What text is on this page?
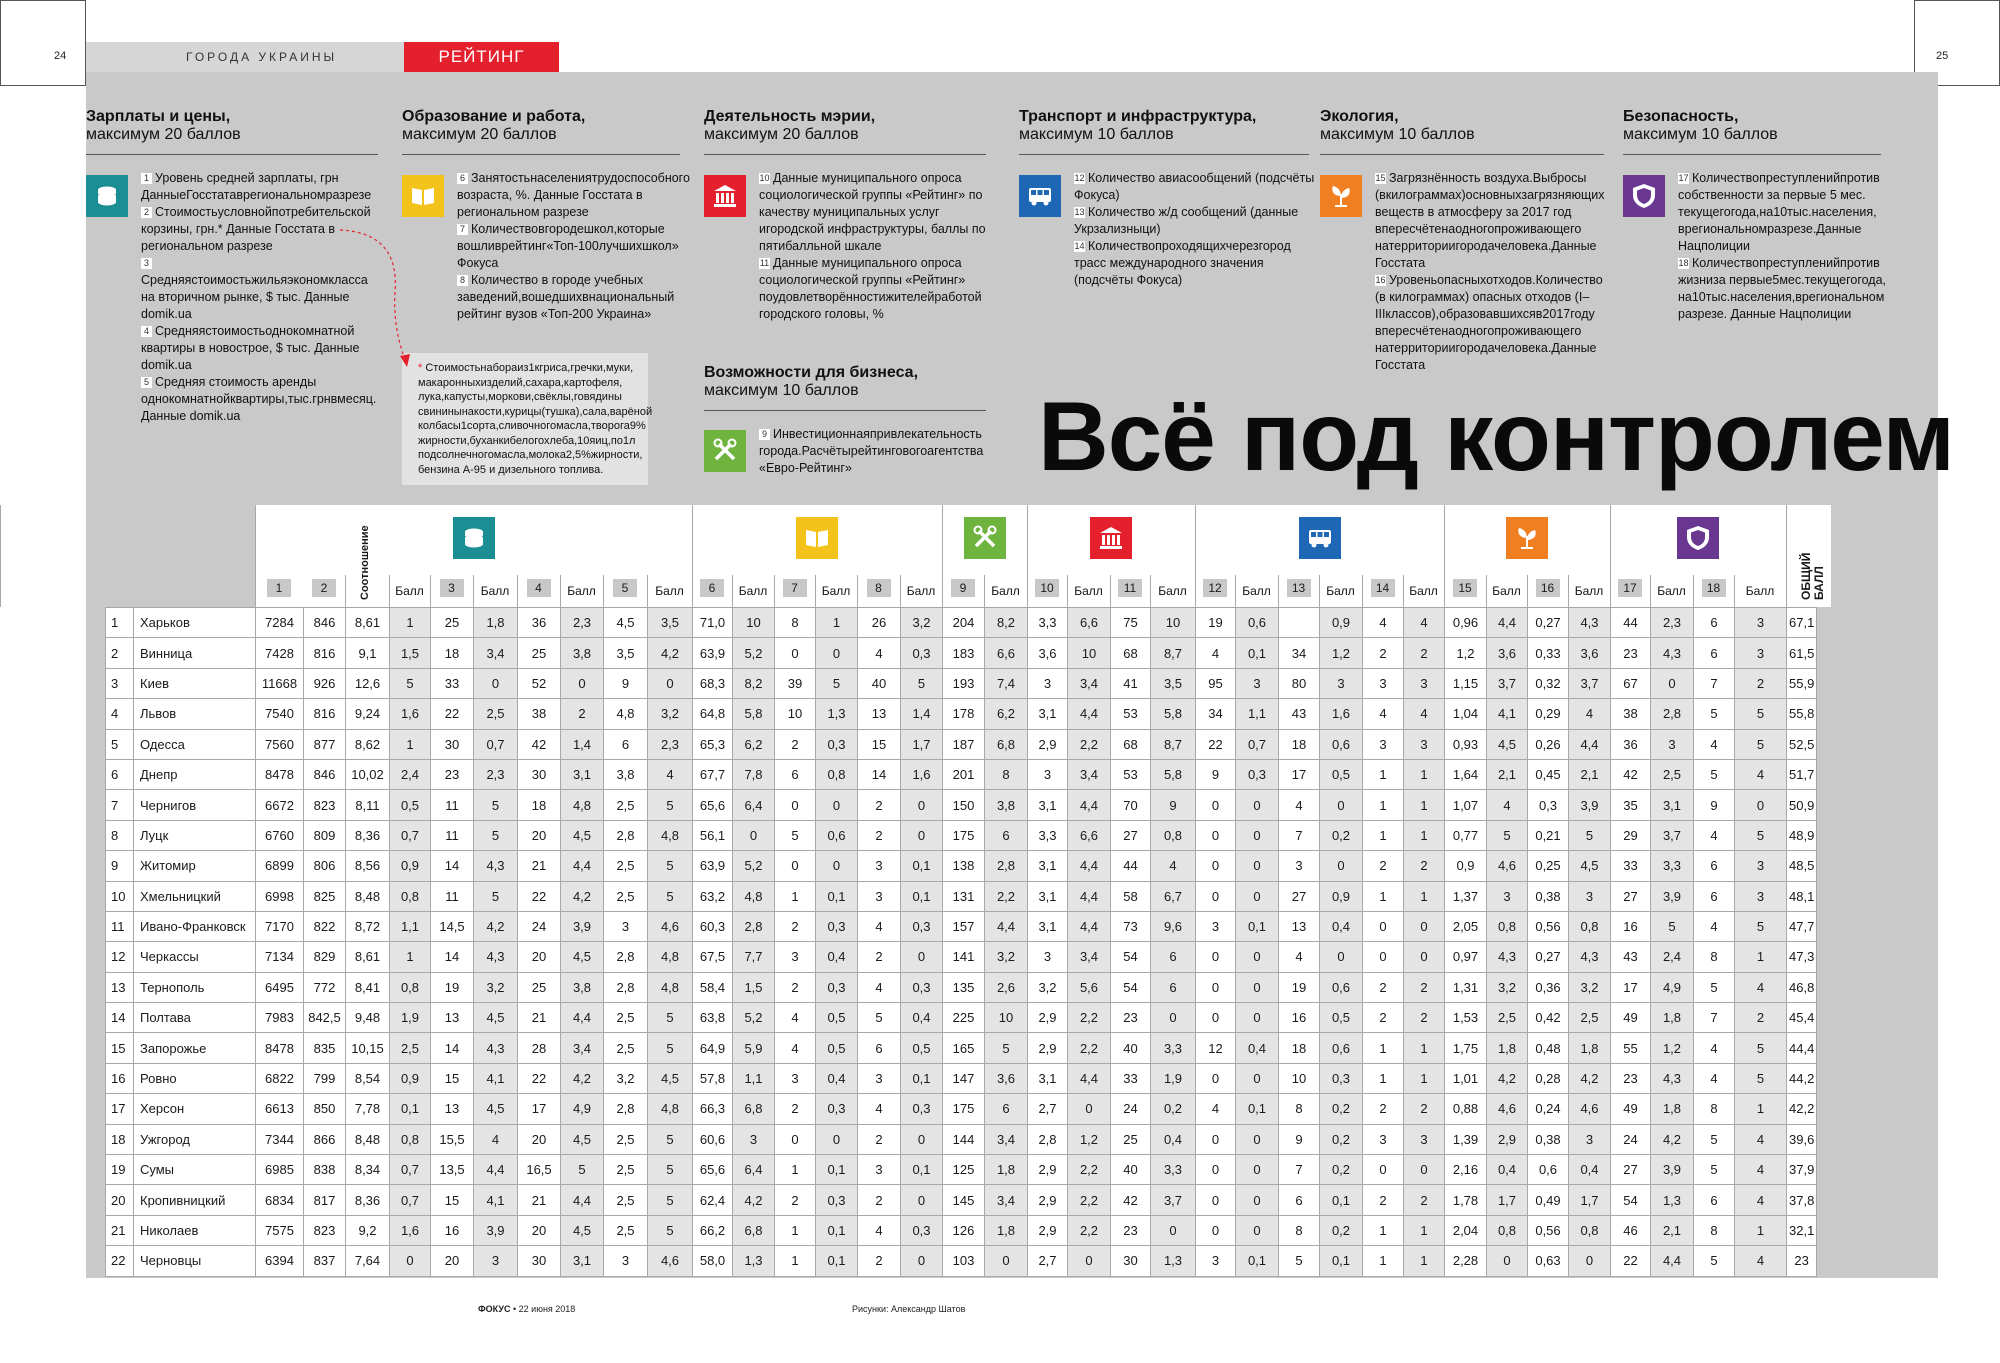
24	25
ГОРОДА УКРАИНЫ	РЕЙТИНГ
Зарплаты и цены,
максимум 20 баллов
1 Уровень средней зарплаты, грн ДанныеГосстатаврегиональномразрезе
2 Стоимостьусловнойпотребительской корзины, грн.* Данные Госстата в региональном разрезе
3Средняястоимостьжильяэкономкласса на вторичном рынке, $ тыс. Данные domik.ua
4 Средняястоимостьоднокомнатной квартиры в новострое, $ тыс. Данные domik.ua
5 Средняя стоимость аренды однокомнатнойквартиры,тыс.грнвмесяц. Данные domik.ua
Образование и работа,
максимум 20 баллов
6 Занятостьнаселениятрудоспособного возраста, %. Данные Госстата в региональном разрезе
7 Количествовгородешкол,которые вошливрейтинг«Топ-100лучшихшкол» Фокуса
8 Количество в городе учебных заведений,вошедшихвнациональный рейтинг вузов «Топ-200 Украина»
Деятельность мэрии,
максимум 20 баллов
10 Данные муниципального опроса социологической группы «Рейтинг» по качеству муниципальных услуг игородской инфраструктуры, баллы по пятибалльной шкале
11 Данные муниципального опроса социологической группы «Рейтинг» поудовлетворённостижителейработой городского головы, %
Транспорт и инфраструктура,
максимум 10 баллов
12 Количество авиасообщений (подсчёты Фокуса)
13 Количество ж/д сообщений (данные Укрзализныци)
14 Количествопроходящихчерезгород трасс международного значения (подсчёты Фокуса)
Экология,
максимум 10 баллов
15 Загрязнённость воздуха.Выбросы (вкилограммах)основныхзагрязняющих веществ в атмосферу за 2017 год впересчётенаодногопроживающего натерриториигородачеловека.Данные Госстата
16 Уровеньопасныхотходов.Количество (в килограммах) опасных отходов (I–IIIклассов),образовавшихсяв2017году впересчётенаодногопроживающего натерриториигородачеловека.Данные Госстата
Безопасность,
максимум 10 баллов
17 Количествопреступленийпротив собственности за первые 5 мес. текущегогода,на10тыс.населения, врегиональномразрезе.Данные Нацполиции
18 Количествопреступленийпротив жизниза первые5мес.текущегогода, на10тыс.населения,врегиональном разрезе. Данные Нацполиции
Возможности для бизнеса,
максимум 10 баллов
9 Инвестиционнаяпривлекательность города.Расчётырейтинговогоагентства «Евро-Рейтинг»
* Стоимостьнабораиз1кгриса,гречки,муки, макаронныхизделий,сахара,картофеля, лука,капусты,моркови,свёклы,говядины свининынакости,курицы(тушка),сала,варёной колбасы1сорта,сливочногомасла,творога9% жирности,буханкибелогохлеба,10яиц,по1л подсолнечногомасла,молока2,5%жирности, бензина А-95 и дизельного топлива.	Всё под контролем
1	2	3	4	5	6	7	8	9	10	11	12	13	14	15	16	17	18
Балл	Балл	Балл	Балл	Балл	Балл	Балл	Балл	Балл	Балл	Балл	Балл	Балл	Балл	Балл	Балл	Балл
Соотношение	ОБЩИЙ БАЛЛ
1	Харьков	7284	846	8,61	1	25	1,8	36	2,3	4,5	3,5	71,0	10	8	1	26	3,2	204	8,2	3,3	6,6	75	10	19	0,6		0,9	4	4	0,96	4,4	0,27	4,3	44	2,3	6	3	67,1
2	Винница	7428	816	9,1	1,5	18	3,4	25	3,8	3,5	4,2	63,9	5,2	0	0	4	0,3	183	6,6	3,6	10	68	8,7	4	0,1	34	1,2	2	2	1,2	3,6	0,33	3,6	23	4,3	6	3	61,5
3	Киев	11668	926	12,6	5	33	0	52	0	9	0	68,3	8,2	39	5	40	5	193	7,4	3	3,4	41	3,5	95	3	80	3	3	3	1,15	3,7	0,32	3,7	67	0	7	2	55,9
4	Львов	7540	816	9,24	1,6	22	2,5	38	2	4,8	3,2	64,8	5,8	10	1,3	13	1,4	178	6,2	3,1	4,4	53	5,8	34	1,1	43	1,6	4	4	1,04	4,1	0,29	4	38	2,8	5	5	55,8
5	Одесса	7560	877	8,62	1	30	0,7	42	1,4	6	2,3	65,3	6,2	2	0,3	15	1,7	187	6,8	2,9	2,2	68	8,7	22	0,7	18	0,6	3	3	0,93	4,5	0,26	4,4	36	3	4	5	52,5
6	Днепр	8478	846	10,02	2,4	23	2,3	30	3,1	3,8	4	67,7	7,8	6	0,8	14	1,6	201	8	3	3,4	53	5,8	9	0,3	17	0,5	1	1	1,64	2,1	0,45	2,1	42	2,5	5	4	51,7
7	Чернигов	6672	823	8,11	0,5	11	5	18	4,8	2,5	5	65,6	6,4	0	0	2	0	150	3,8	3,1	4,4	70	9	0	0	4	0	1	1	1,07	4	0,3	3,9	35	3,1	9	0	50,9
8	Луцк	6760	809	8,36	0,7	11	5	20	4,5	2,8	4,8	56,1	0	5	0,6	2	0	175	6	3,3	6,6	27	0,8	0	0	7	0,2	1	1	0,77	5	0,21	5	29	3,7	4	5	48,9
9	Житомир	6899	806	8,56	0,9	14	4,3	21	4,4	2,5	5	63,9	5,2	0	0	3	0,1	138	2,8	3,1	4,4	44	4	0	0	3	0	2	2	0,9	4,6	0,25	4,5	33	3,3	6	3	48,5
10	Хмельницкий	6998	825	8,48	0,8	11	5	22	4,2	2,5	5	63,2	4,8	1	0,1	3	0,1	131	2,2	3,1	4,4	58	6,7	0	0	27	0,9	1	1	1,37	3	0,38	3	27	3,9	6	3	48,1
11	Ивано-Франковск	7170	822	8,72	1,1	14,5	4,2	24	3,9	3	4,6	60,3	2,8	2	0,3	4	0,3	157	4,4	3,1	4,4	73	9,6	3	0,1	13	0,4	0	0	2,05	0,8	0,56	0,8	16	5	4	5	47,7
12	Черкассы	7134	829	8,61	1	14	4,3	20	4,5	2,8	4,8	67,5	7,7	3	0,4	2	0	141	3,2	3	3,4	54	6	0	0	4	0	0	0	0,97	4,3	0,27	4,3	43	2,4	8	1	47,3
13	Тернополь	6495	772	8,41	0,8	19	3,2	25	3,8	2,8	4,8	58,4	1,5	2	0,3	4	0,3	135	2,6	3,2	5,6	54	6	0	0	19	0,6	2	2	1,31	3,2	0,36	3,2	17	4,9	5	4	46,8
14	Полтава	7983	842,5	9,48	1,9	13	4,5	21	4,4	2,5	5	63,8	5,2	4	0,5	5	0,4	225	10	2,9	2,2	23	0	0	0	16	0,5	2	2	1,53	2,5	0,42	2,5	49	1,8	7	2	45,4
15	Запорожье	8478	835	10,15	2,5	14	4,3	28	3,4	2,5	5	64,9	5,9	4	0,5	6	0,5	165	5	2,9	2,2	40	3,3	12	0,4	18	0,6	1	1	1,75	1,8	0,48	1,8	55	1,2	4	5	44,4
16	Ровно	6822	799	8,54	0,9	15	4,1	22	4,2	3,2	4,5	57,8	1,1	3	0,4	3	0,1	147	3,6	3,1	4,4	33	1,9	0	0	10	0,3	1	1	1,01	4,2	0,28	4,2	23	4,3	4	5	44,2
17	Херсон	6613	850	7,78	0,1	13	4,5	17	4,9	2,8	4,8	66,3	6,8	2	0,3	4	0,3	175	6	2,7	0	24	0,2	4	0,1	8	0,2	2	2	0,88	4,6	0,24	4,6	49	1,8	8	1	42,2
18	Ужгород	7344	866	8,48	0,8	15,5	4	20	4,5	2,5	5	60,6	3	0	0	2	0	144	3,4	2,8	1,2	25	0,4	0	0	9	0,2	3	3	1,39	2,9	0,38	3	24	4,2	5	4	39,6
19	Сумы	6985	838	8,34	0,7	13,5	4,4	16,5	5	2,5	5	65,6	6,4	1	0,1	3	0,1	125	1,8	2,9	2,2	40	3,3	0	0	7	0,2	0	0	2,16	0,4	0,6	0,4	27	3,9	5	4	37,9
20	Кропивницкий	6834	817	8,36	0,7	15	4,1	21	4,4	2,5	5	62,4	4,2	2	0,3	2	0	145	3,4	2,9	2,2	42	3,7	0	0	6	0,1	2	2	1,78	1,7	0,49	1,7	54	1,3	6	4	37,8
21	Николаев	7575	823	9,2	1,6	16	3,9	20	4,5	2,5	5	66,2	6,8	1	0,1	4	0,3	126	1,8	2,9	2,2	23	0	0	0	8	0,2	1	1	2,04	0,8	0,56	0,8	46	2,1	8	1	32,1
22	Черновцы	6394	837	7,64	0	20	3	30	3,1	3	4,6	58,0	1,3	1	0,1	2	0	103	0	2,7	0	30	1,3	3	0,1	5	0,1	1	1	2,28	0	0,63	0	22	4,4	5	4	23
ФОКУС • 22 июня 2018	Рисунки: Александр Шатов
